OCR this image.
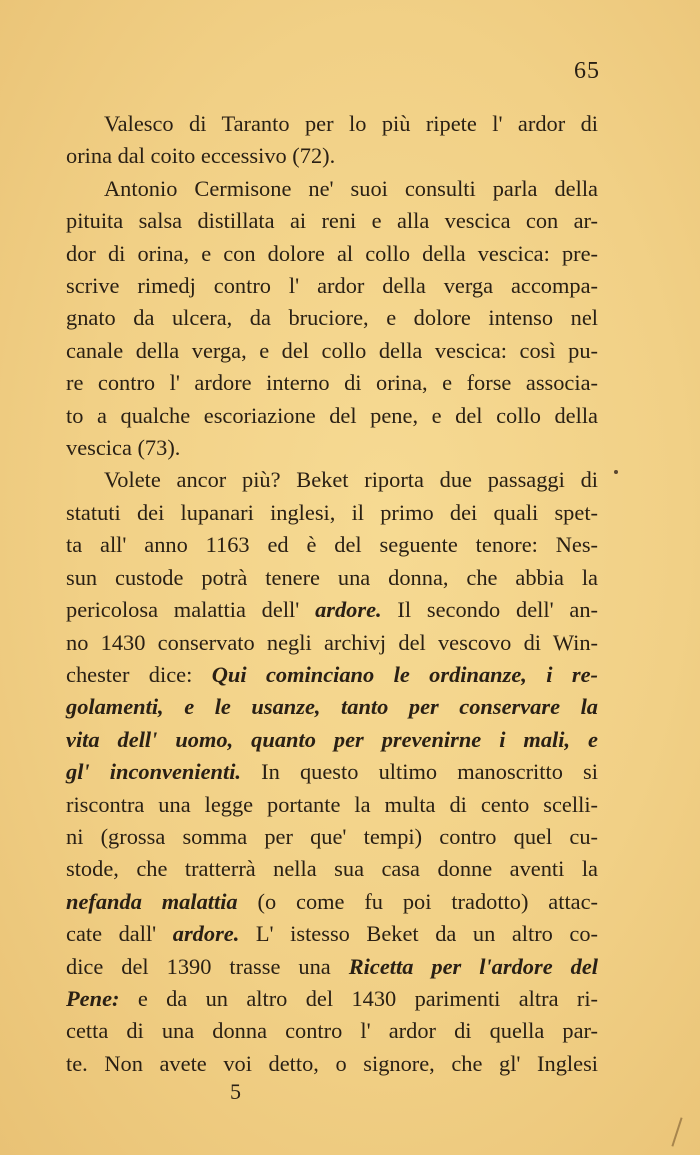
65
Valesco di Taranto per lo più ripete l' ardor di
orina dal coito eccessivo (72).
Antonio Cermisone ne' suoi consulti parla della
pituita salsa distillata ai reni e alla vescica con ar-
dor di orina, e con dolore al collo della vescica: pre-
scrive rimedj contro l' ardor della verga accompa-
gnato da ulcera, da bruciore, e dolore intenso nel
canale della verga, e del collo della vescica: così pu-
re contro l' ardore interno di orina, e forse associa-
to a qualche escoriazione del pene, e del collo della
vescica (73).
Volete ancor più? Beket riporta due passaggi di
statuti dei lupanari inglesi, il primo dei quali spet-
ta all' anno 1163 ed è del seguente tenore: Nes-
sun custode potrà tenere una donna, che abbia la
pericolosa malattia dell' ardore. Il secondo dell' an-
no 1430 conservato negli archivj del vescovo di Win-
chester dice: Qui cominciano le ordinanze, i re-
golamenti, e le usanze, tanto per conservare la
vita dell' uomo, quanto per prevenirne i mali, e
gl' inconvenienti. In questo ultimo manoscritto si
riscontra una legge portante la multa di cento scelli-
ni (grossa somma per que' tempi) contro quel cu-
stode, che tratterrà nella sua casa donne aventi la
nefanda malattia (o come fu poi tradotto) attac-
cate dall' ardore. L' istesso Beket da un altro co-
dice del 1390 trasse una Ricetta per l'ardore del
Pene: e da un altro del 1430 parimenti altra ri-
cetta di una donna contro l' ardor di quella par-
te. Non avete voi detto, o signore, che gl' Inglesi
5
